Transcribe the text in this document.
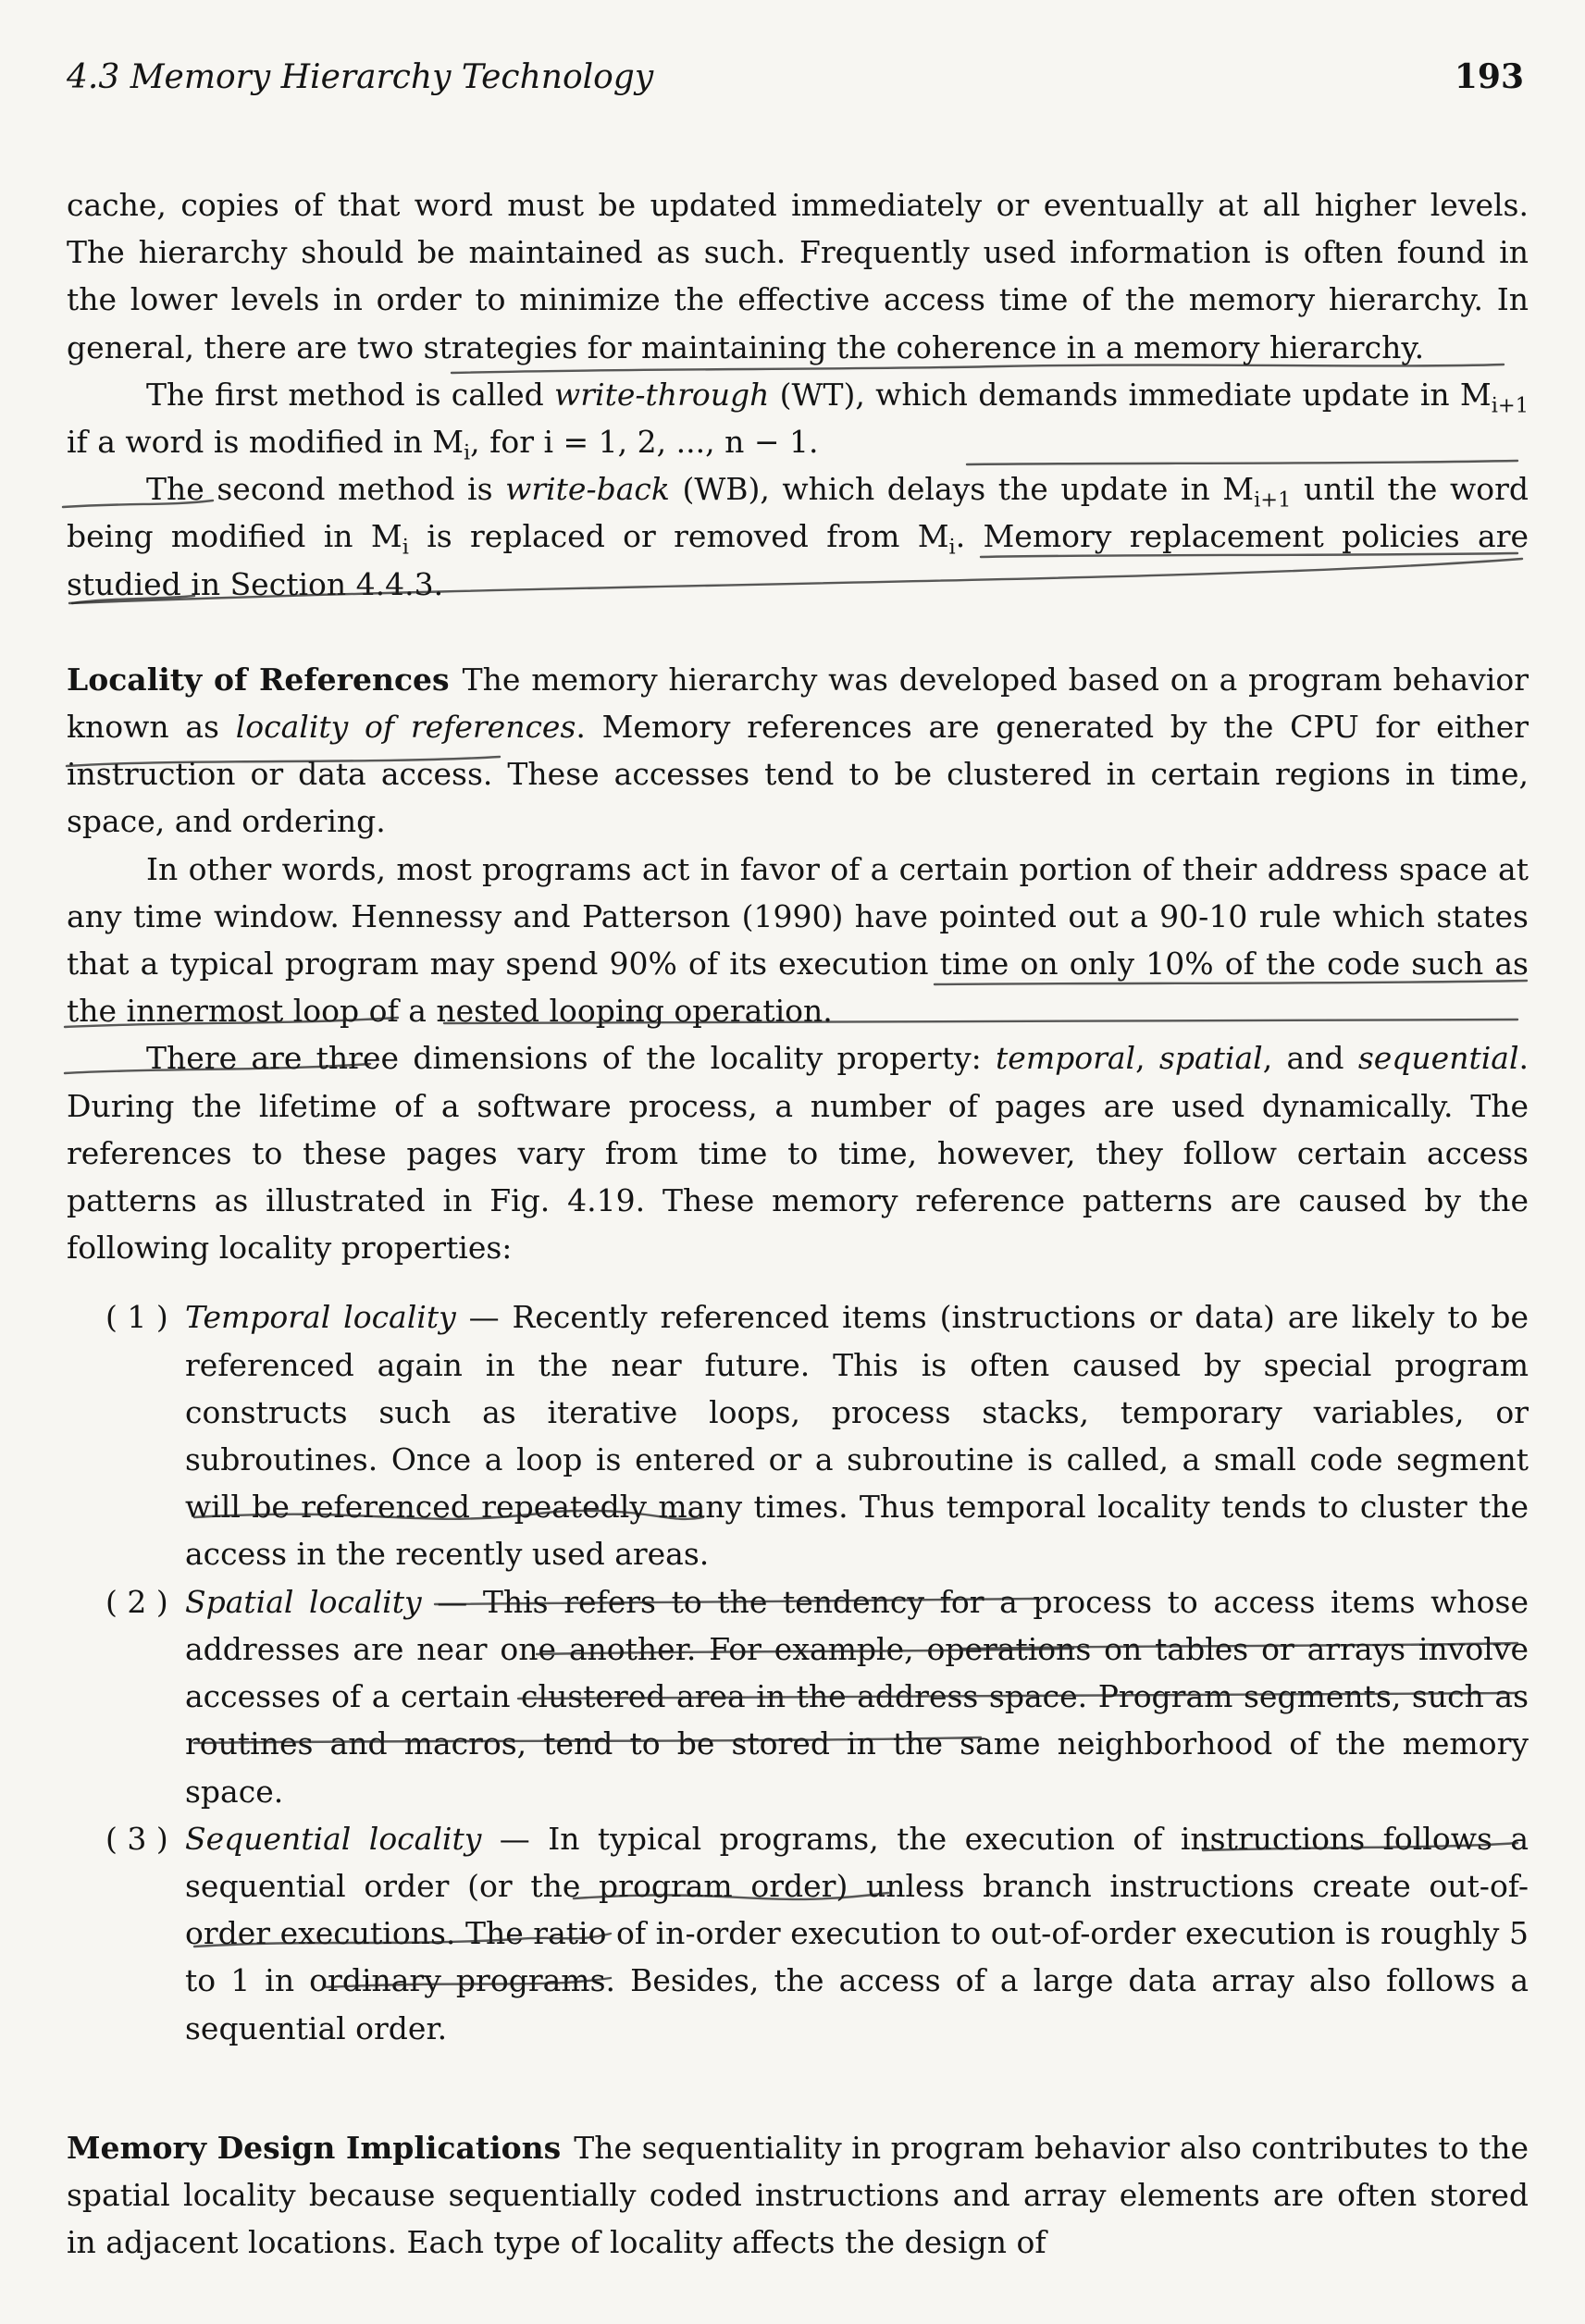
4.3 Memory Hierarchy Technology	193

cache, copies of that word must be updated immediately or eventually at all higher levels. The hierarchy should be maintained as such. Frequently used information is often found in the lower levels in order to minimize the effective access time of the memory hierarchy. In general, there are two strategies for maintaining the coherence in a memory hierarchy.

The first method is called write-through (WT), which demands immediate update in $M_{i+1}$ if a word is modified in $M_i$, for i = 1, 2, ..., n − 1.

The second method is write-back (WB), which delays the update in $M_{i+1}$ until the word being modified in $M_i$ is replaced or removed from $M_i$. Memory replacement policies are studied in Section 4.4.3.

Locality of References The memory hierarchy was developed based on a program behavior known as locality of references. Memory references are generated by the CPU for either instruction or data access. These accesses tend to be clustered in certain regions in time, space, and ordering.

In other words, most programs act in favor of a certain portion of their address space at any time window. Hennessy and Patterson (1990) have pointed out a 90-10 rule which states that a typical program may spend 90% of its execution time on only 10% of the code such as the innermost loop of a nested looping operation.

There are three dimensions of the locality property: temporal, spatial, and sequential. During the lifetime of a software process, a number of pages are used dynamically. The references to these pages vary from time to time, however, they follow certain access patterns as illustrated in Fig. 4.19. These memory reference patterns are caused by the following locality properties:

( 1 ) Temporal locality — Recently referenced items (instructions or data) are likely to be referenced again in the near future. This is often caused by special program constructs such as iterative loops, process stacks, temporary variables, or subroutines. Once a loop is entered or a subroutine is called, a small code segment will be referenced repeatedly many times. Thus temporal locality tends to cluster the access in the recently used areas.
( 2 ) Spatial locality — This refers to the tendency for a process to access items whose addresses are near one another. For example, operations on tables or arrays involve accesses of a certain clustered area in the address space. Program segments, such as routines and macros, tend to be stored in the same neighborhood of the memory space.
( 3 ) Sequential locality — In typical programs, the execution of instructions follows a sequential order (or the program order) unless branch instructions create out-of-order executions. The ratio of in-order execution to out-of-order execution is roughly 5 to 1 in ordinary programs. Besides, the access of a large data array also follows a sequential order.

Memory Design Implications The sequentiality in program behavior also contributes to the spatial locality because sequentially coded instructions and array elements are often stored in adjacent locations. Each type of locality affects the design of
